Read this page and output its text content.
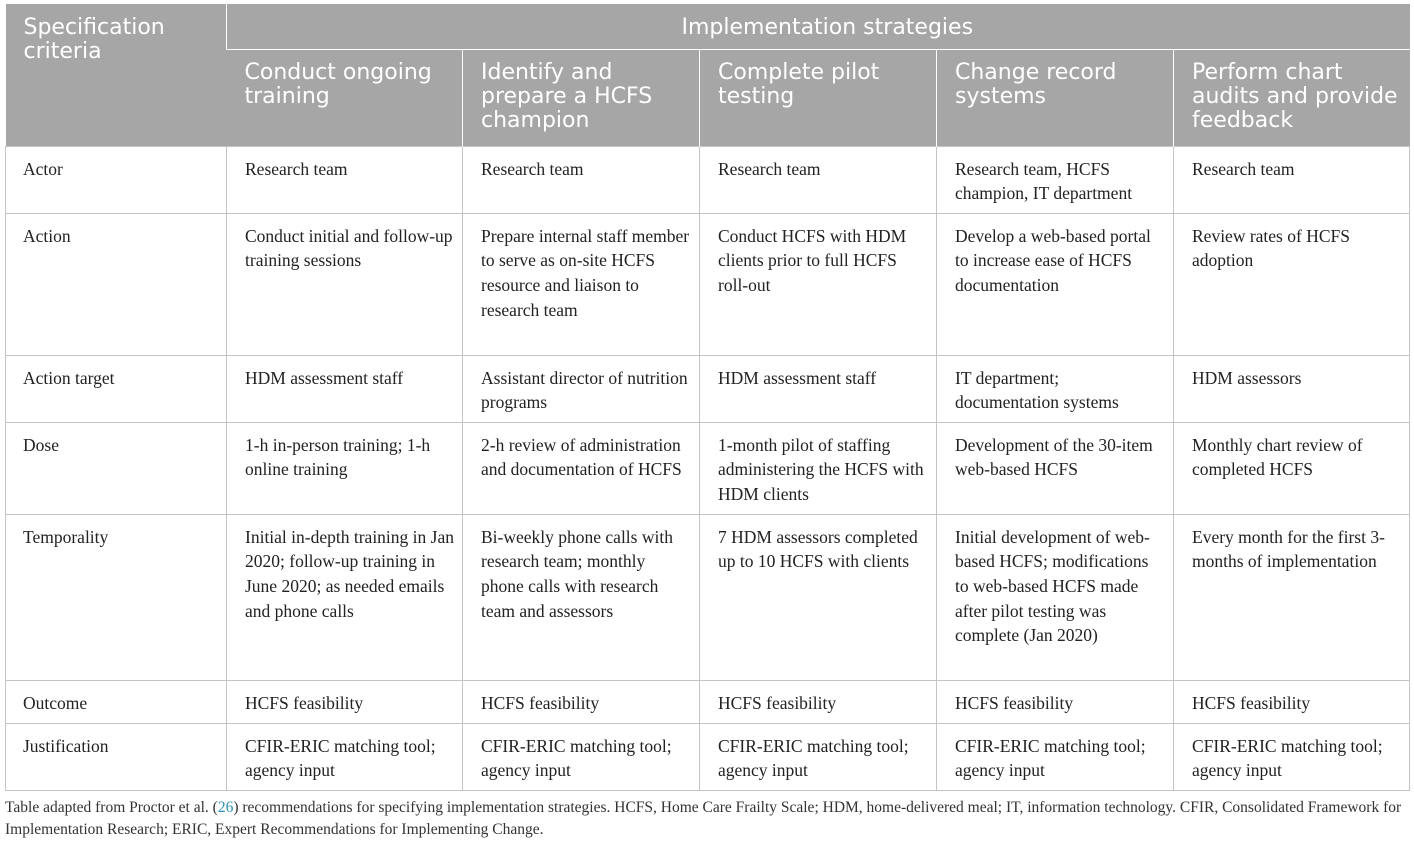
Specification criteria	Implementation strategies				
	Conduct ongoing training	Identify and prepare a HCFS champion	Complete pilot testing	Change record systems	Perform chart audits and provide feedback
Actor	Research team	Research team	Research team	Research team, HCFS champion, IT department	Research team
Action	Conduct initial and follow-up training sessions	Prepare internal staff member to serve as on-site HCFS resource and liaison to research team	Conduct HCFS with HDM clients prior to full HCFS roll-out	Develop a web-based portal to increase ease of HCFS documentation	Review rates of HCFS adoption
Action target	HDM assessment staff	Assistant director of nutrition programs	HDM assessment staff	IT department; documentation systems	HDM assessors
Dose	1-h in-person training; 1-h online training	2-h review of administration and documentation of HCFS	1-month pilot of staffing administering the HCFS with HDM clients	Development of the 30-item web-based HCFS	Monthly chart review of completed HCFS
Temporality	Initial in-depth training in Jan 2020; follow-up training in June 2020; as needed emails and phone calls	Bi-weekly phone calls with research team; monthly phone calls with research team and assessors	7 HDM assessors completed up to 10 HCFS with clients	Initial development of web-based HCFS; modifications to web-based HCFS made after pilot testing was complete (Jan 2020)	Every month for the first 3-months of implementation
Outcome	HCFS feasibility	HCFS feasibility	HCFS feasibility	HCFS feasibility	HCFS feasibility
Justification	CFIR-ERIC matching tool; agency input	CFIR-ERIC matching tool; agency input	CFIR-ERIC matching tool; agency input	CFIR-ERIC matching tool; agency input	CFIR-ERIC matching tool; agency input

Table adapted from Proctor et al. (26) recommendations for specifying implementation strategies. HCFS, Home Care Frailty Scale; HDM, home-delivered meal; IT, information technology. CFIR, Consolidated Framework for Implementation Research; ERIC, Expert Recommendations for Implementing Change.
